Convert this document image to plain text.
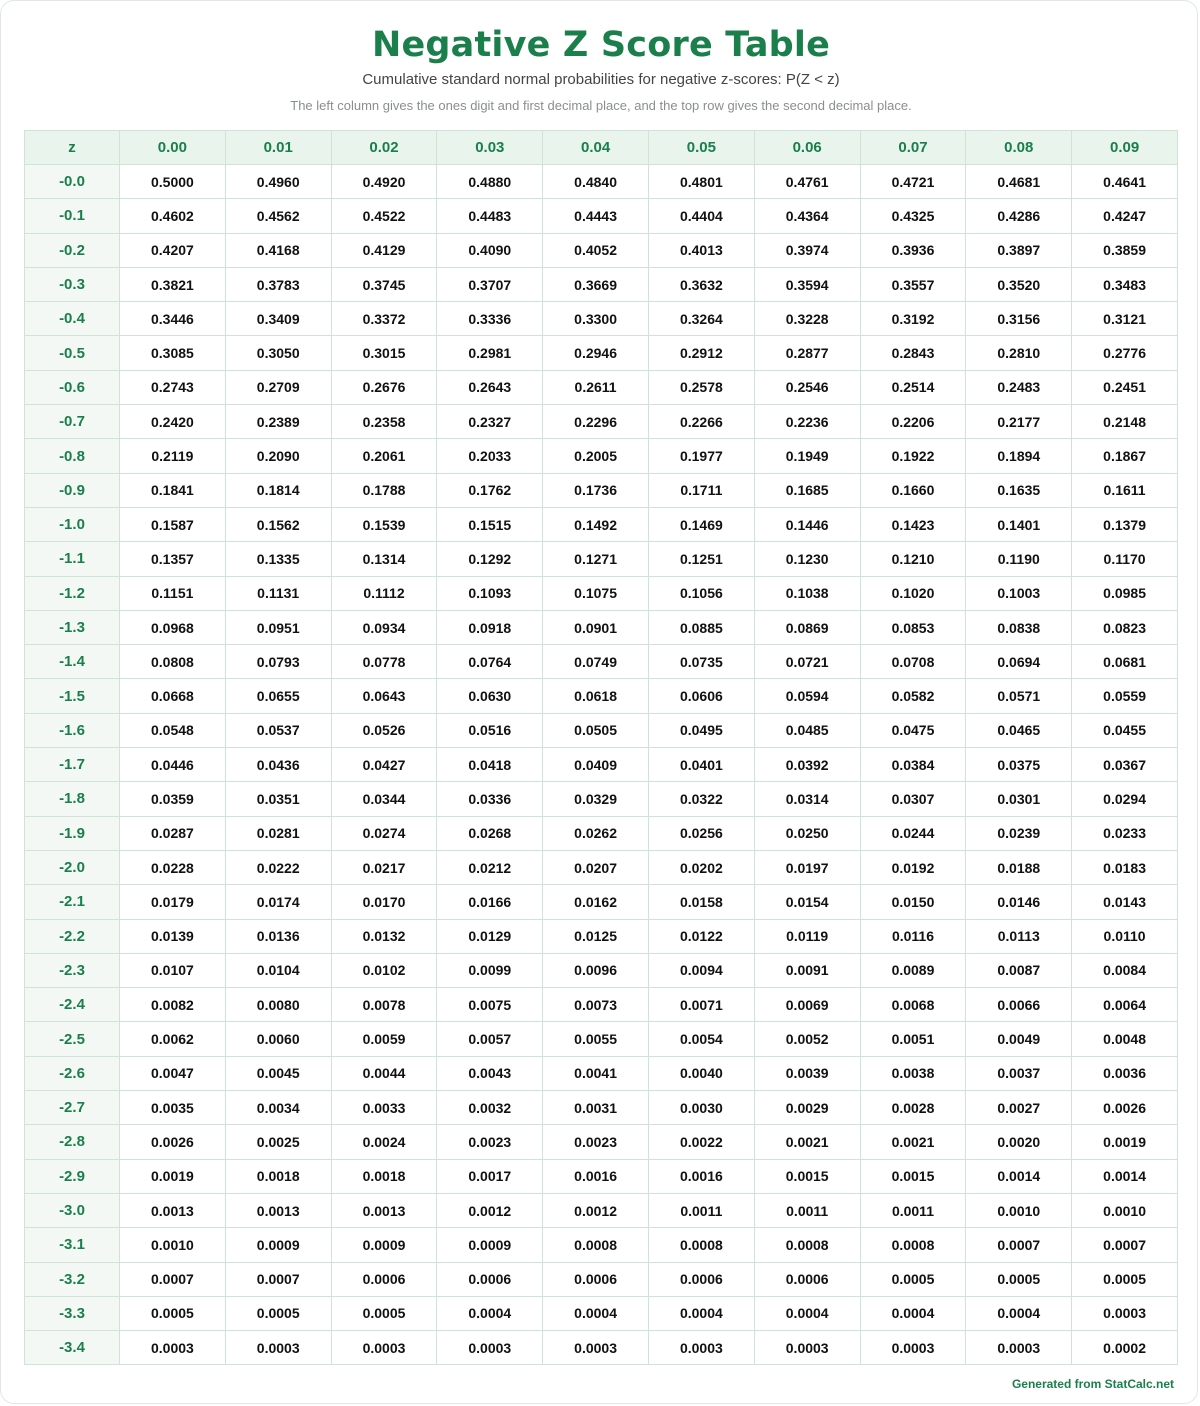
Negative Z Score Table
Cumulative standard normal probabilities for negative z-scores: P(Z < z)
The left column gives the ones digit and first decimal place, and the top row gives the second decimal place.
z	0.00	0.01	0.02	0.03	0.04	0.05	0.06	0.07	0.08	0.09
-0.0	0.5000	0.4960	0.4920	0.4880	0.4840	0.4801	0.4761	0.4721	0.4681	0.4641
-0.1	0.4602	0.4562	0.4522	0.4483	0.4443	0.4404	0.4364	0.4325	0.4286	0.4247
-0.2	0.4207	0.4168	0.4129	0.4090	0.4052	0.4013	0.3974	0.3936	0.3897	0.3859
-0.3	0.3821	0.3783	0.3745	0.3707	0.3669	0.3632	0.3594	0.3557	0.3520	0.3483
-0.4	0.3446	0.3409	0.3372	0.3336	0.3300	0.3264	0.3228	0.3192	0.3156	0.3121
-0.5	0.3085	0.3050	0.3015	0.2981	0.2946	0.2912	0.2877	0.2843	0.2810	0.2776
-0.6	0.2743	0.2709	0.2676	0.2643	0.2611	0.2578	0.2546	0.2514	0.2483	0.2451
-0.7	0.2420	0.2389	0.2358	0.2327	0.2296	0.2266	0.2236	0.2206	0.2177	0.2148
-0.8	0.2119	0.2090	0.2061	0.2033	0.2005	0.1977	0.1949	0.1922	0.1894	0.1867
-0.9	0.1841	0.1814	0.1788	0.1762	0.1736	0.1711	0.1685	0.1660	0.1635	0.1611
-1.0	0.1587	0.1562	0.1539	0.1515	0.1492	0.1469	0.1446	0.1423	0.1401	0.1379
-1.1	0.1357	0.1335	0.1314	0.1292	0.1271	0.1251	0.1230	0.1210	0.1190	0.1170
-1.2	0.1151	0.1131	0.1112	0.1093	0.1075	0.1056	0.1038	0.1020	0.1003	0.0985
-1.3	0.0968	0.0951	0.0934	0.0918	0.0901	0.0885	0.0869	0.0853	0.0838	0.0823
-1.4	0.0808	0.0793	0.0778	0.0764	0.0749	0.0735	0.0721	0.0708	0.0694	0.0681
-1.5	0.0668	0.0655	0.0643	0.0630	0.0618	0.0606	0.0594	0.0582	0.0571	0.0559
-1.6	0.0548	0.0537	0.0526	0.0516	0.0505	0.0495	0.0485	0.0475	0.0465	0.0455
-1.7	0.0446	0.0436	0.0427	0.0418	0.0409	0.0401	0.0392	0.0384	0.0375	0.0367
-1.8	0.0359	0.0351	0.0344	0.0336	0.0329	0.0322	0.0314	0.0307	0.0301	0.0294
-1.9	0.0287	0.0281	0.0274	0.0268	0.0262	0.0256	0.0250	0.0244	0.0239	0.0233
-2.0	0.0228	0.0222	0.0217	0.0212	0.0207	0.0202	0.0197	0.0192	0.0188	0.0183
-2.1	0.0179	0.0174	0.0170	0.0166	0.0162	0.0158	0.0154	0.0150	0.0146	0.0143
-2.2	0.0139	0.0136	0.0132	0.0129	0.0125	0.0122	0.0119	0.0116	0.0113	0.0110
-2.3	0.0107	0.0104	0.0102	0.0099	0.0096	0.0094	0.0091	0.0089	0.0087	0.0084
-2.4	0.0082	0.0080	0.0078	0.0075	0.0073	0.0071	0.0069	0.0068	0.0066	0.0064
-2.5	0.0062	0.0060	0.0059	0.0057	0.0055	0.0054	0.0052	0.0051	0.0049	0.0048
-2.6	0.0047	0.0045	0.0044	0.0043	0.0041	0.0040	0.0039	0.0038	0.0037	0.0036
-2.7	0.0035	0.0034	0.0033	0.0032	0.0031	0.0030	0.0029	0.0028	0.0027	0.0026
-2.8	0.0026	0.0025	0.0024	0.0023	0.0023	0.0022	0.0021	0.0021	0.0020	0.0019
-2.9	0.0019	0.0018	0.0018	0.0017	0.0016	0.0016	0.0015	0.0015	0.0014	0.0014
-3.0	0.0013	0.0013	0.0013	0.0012	0.0012	0.0011	0.0011	0.0011	0.0010	0.0010
-3.1	0.0010	0.0009	0.0009	0.0009	0.0008	0.0008	0.0008	0.0008	0.0007	0.0007
-3.2	0.0007	0.0007	0.0006	0.0006	0.0006	0.0006	0.0006	0.0005	0.0005	0.0005
-3.3	0.0005	0.0005	0.0005	0.0004	0.0004	0.0004	0.0004	0.0004	0.0004	0.0003
-3.4	0.0003	0.0003	0.0003	0.0003	0.0003	0.0003	0.0003	0.0003	0.0003	0.0002
Generated from StatCalc.net
